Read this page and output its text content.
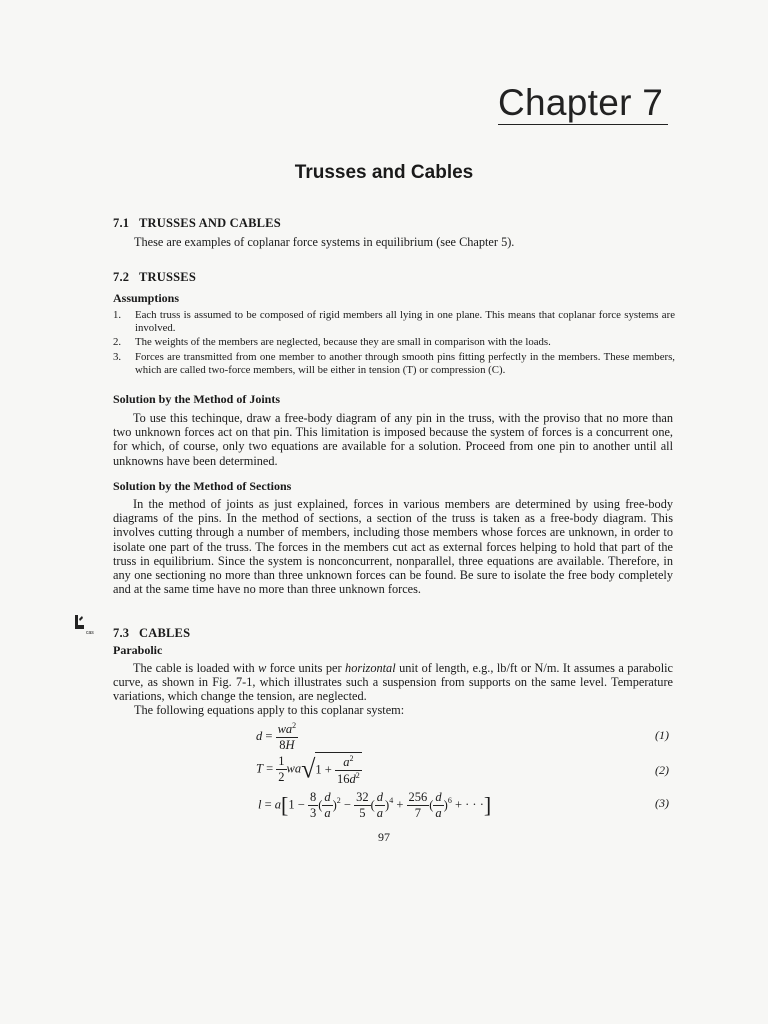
Chapter 7
Trusses and Cables
7.1 TRUSSES AND CABLES
These are examples of coplanar force systems in equilibrium (see Chapter 5).
7.2 TRUSSES
Assumptions
1. Each truss is assumed to be composed of rigid members all lying in one plane. This means that coplanar force systems are involved.
2. The weights of the members are neglected, because they are small in comparison with the loads.
3. Forces are transmitted from one member to another through smooth pins fitting perfectly in the members. These members, which are called two-force members, will be either in tension (T) or compression (C).
Solution by the Method of Joints
To use this techinque, draw a free-body diagram of any pin in the truss, with the proviso that no more than two unknown forces act on that pin. This limitation is imposed because the system of forces is a concurrent one, for which, of course, only two equations are available for a solution. Proceed from one pin to another until all unknowns have been determined.
Solution by the Method of Sections
In the method of joints as just explained, forces in various members are determined by using free-body diagrams of the pins. In the method of sections, a section of the truss is taken as a free-body diagram. This involves cutting through a number of members, including those members whose forces are unknown, in order to isolate one part of the truss. The forces in the members cut act as external forces helping to hold that part of the truss in equilibrium. Since the system is nonconcurrent, nonparallel, three equations are available. Therefore, in any one sectioning no more than three unknown forces can be found. Be sure to isolate the free body completely and at the same time have no more than three unknown forces.
cas 7.3 CABLES
Parabolic
The cable is loaded with w force units per horizontal unit of length, e.g., lb/ft or N/m. It assumes a parabolic curve, as shown in Fig. 7-1, which illustrates such a suspension from supports on the same level. Temperature variations, which change the tension, are neglected.
The following equations apply to this coplanar system:
$d = \frac{wa^2}{8H}$	(1)
$T = \frac{1}{2} wa√1 + \frac{a^2}{16d^2}$	(2)
$l = a[1 - \frac{8}{3}$ ( $\frac{d}{a} )^2 - \frac{32}{5}$ ( $\frac{d}{a} )^4 + \frac{256}{7}$ ( $\frac{d}{a} )^6$ + · · ·]	(3)
97
